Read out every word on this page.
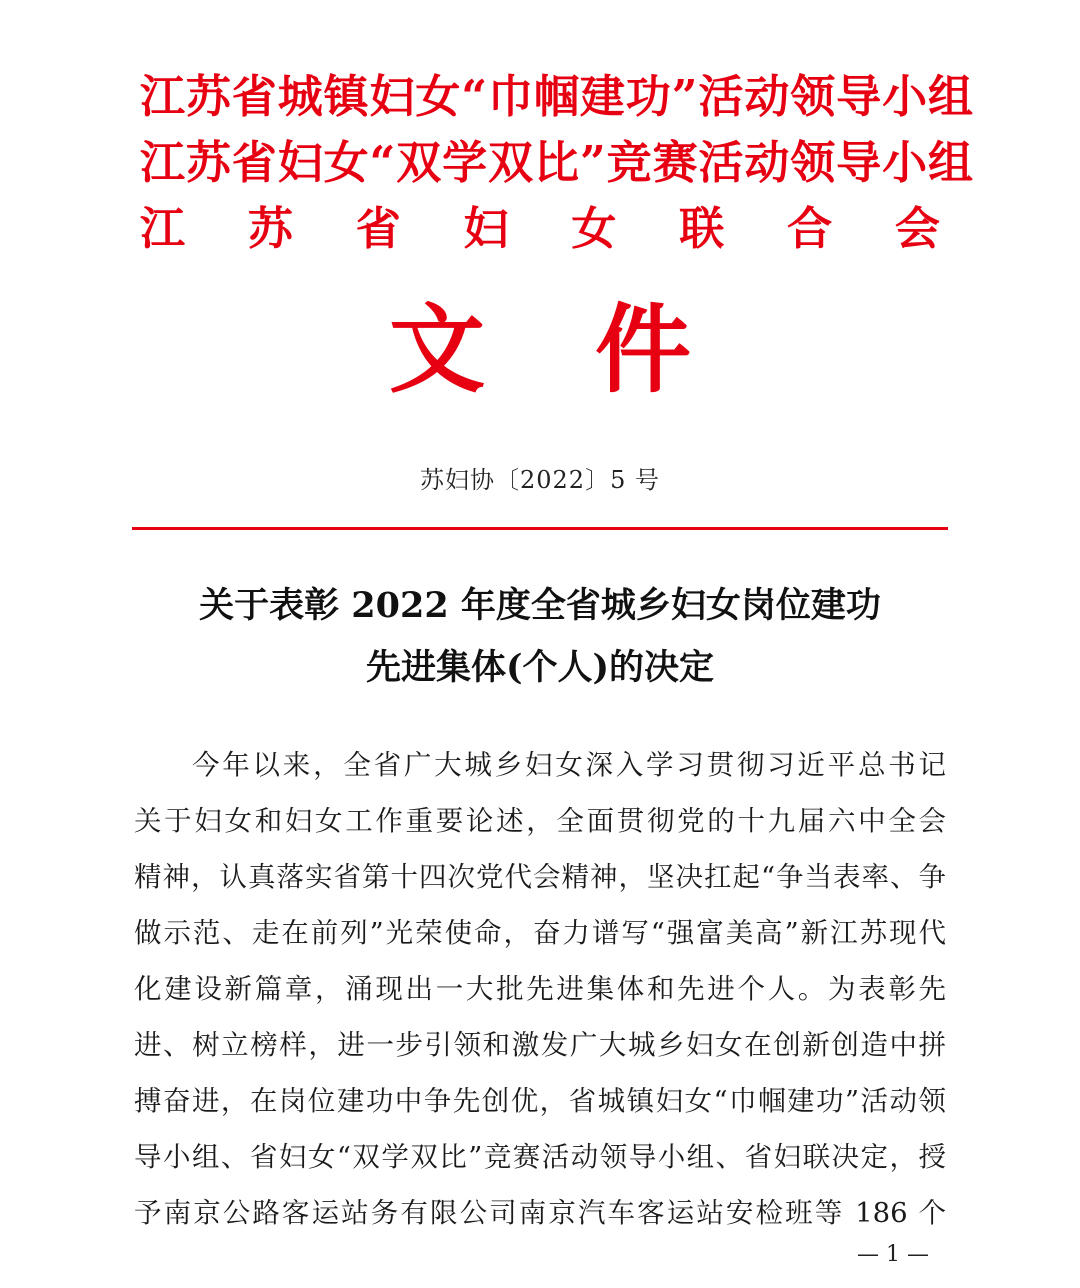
江苏省城镇妇女“巾帼建功”活动领导小组
江苏省妇女“双学双比”竞赛活动领导小组
江 苏 省 妇 女 联 合 会
文 件
苏妇协〔2022〕5 号
关于表彰 2022 年度全省城乡妇女岗位建功
先进集体(个人)的决定
今年以来，全省广大城乡妇女深入学习贯彻习近平总书记
关于妇女和妇女工作重要论述，全面贯彻党的十九届六中全会
精神，认真落实省第十四次党代会精神，坚决扛起“争当表率、争
做示范、走在前列”光荣使命，奋力谱写“强富美高”新江苏现代
化建设新篇章，涌现出一大批先进集体和先进个人。为表彰先
进、树立榜样，进一步引领和激发广大城乡妇女在创新创造中拼
搏奋进，在岗位建功中争先创优，省城镇妇女“巾帼建功”活动领
导小组、省妇女“双学双比”竞赛活动领导小组、省妇联决定，授
予南京公路客运站务有限公司南京汽车客运站安检班等 186 个
— 1 —
